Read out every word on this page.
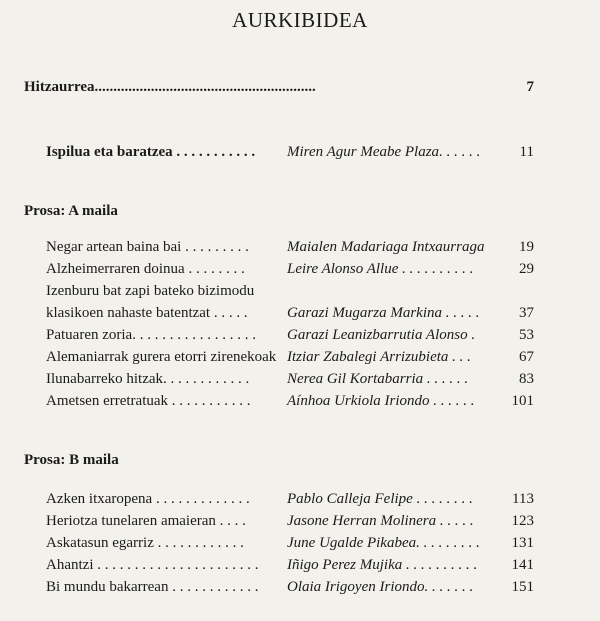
AURKIBIDEA
Hitzaurrea...........................................................	7
Ispilua eta baratzea . . . . . . . . . . . Miren Agur Meabe Plaza. . . . . .	11
Prosa: A maila
Negar artean baina bai . . . . . . . . .	Maialen Madariaga Intxaurraga 19
Alzheimerraren doinua . . . . . . . .	Leire Alonso Allue . . . . . . . . . .	29
Izenburu bat zapi bateko bizimodu
klasikoen nahaste batentzat . . . . .	Garazi Mugarza Markina . . . . .	37
Patuaren zoria. . . . . . . . . . . . . . . . . Garazi Leanizbarrutia Alonso .	53
Alemaniarrak gurera etorri zirenekoak Itziar Zabalegi Arrizubieta . . .	67
Ilunabarreko hitzak. . . . . . . . . . . .	Nerea Gil Kortabarria . . . . . .	83
Ametsen erretratuak . . . . . . . . . . . Aínhoa Urkiola Iriondo . . . . . . 101
Prosa: B maila
Azken itxaropena . . . . . . . . . . . . . Pablo Calleja Felipe . . . . . . . .	113
Heriotza tunelaren amaieran . . . .	Jasone Herran Molinera . . . . .	123
Askatasun egarriz . . . . . . . . . . . .	June Ugalde Pikabea. . . . . . . . . 131
Ahantzi . . . . . . . . . . . . . . . . . . . . . . Iñigo Perez Mujika . . . . . . . . . . 141
Bi mundu bakarrean . . . . . . . . . . . . Olaia Irigoyen Iriondo. . . . . . .	151
